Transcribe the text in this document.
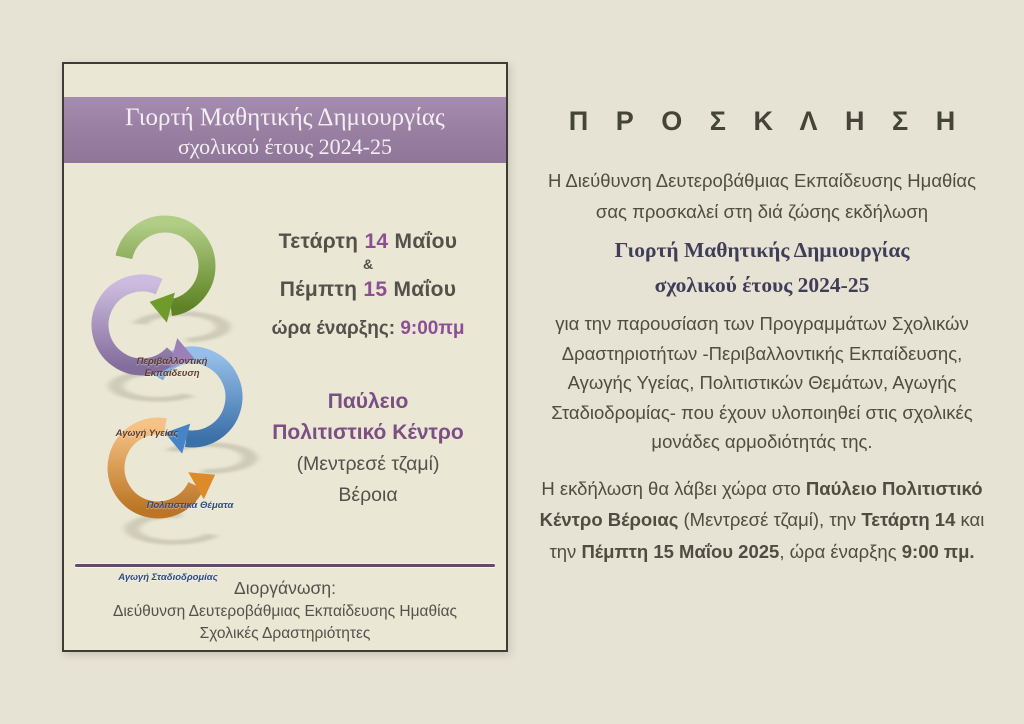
Γιορτή Μαθητικής Δημιουργίας
σχολικού έτους 2024-25
Περιβαλλοντική Εκπαίδευση
Αγωγή Υγείας
Πολιτιστικά Θέματα
Αγωγή Σταδιοδρομίας
Τετάρτη 14 Μαΐου
&
Πέμπτη 15 Μαΐου
ώρα έναρξης: 9:00πμ
Παύλειο
Πολιτιστικό Κέντρο
(Μεντρεσέ τζαμί)
Βέροια
Διοργάνωση:
Διεύθυνση Δευτεροβάθμιας Εκπαίδευσης Ημαθίας
Σχολικές Δραστηριότητες
Π Ρ Ο Σ Κ Λ Η Σ Η
Η Διεύθυνση Δευτεροβάθμιας Εκπαίδευσης Ημαθίας
σας προσκαλεί στη διά ζώσης εκδήλωση
Γιορτή Μαθητικής Δημιουργίας
σχολικού έτους 2024-25

για την παρουσίαση των Προγραμμάτων Σχολικών Δραστηριοτήτων -Περιβαλλοντικής Εκπαίδευσης, Αγωγής Υγείας, Πολιτιστικών Θεμάτων, Αγωγής Σταδιοδρομίας- που έχουν υλοποιηθεί στις σχολικές μονάδες αρμοδιότητάς της.

Η εκδήλωση θα λάβει χώρα στο Παύλειο Πολιτιστικό Κέντρο Βέροιας (Μεντρεσέ τζαμί), την Τετάρτη 14 και την Πέμπτη 15 Μαΐου 2025, ώρα έναρξης 9:00 πμ.
